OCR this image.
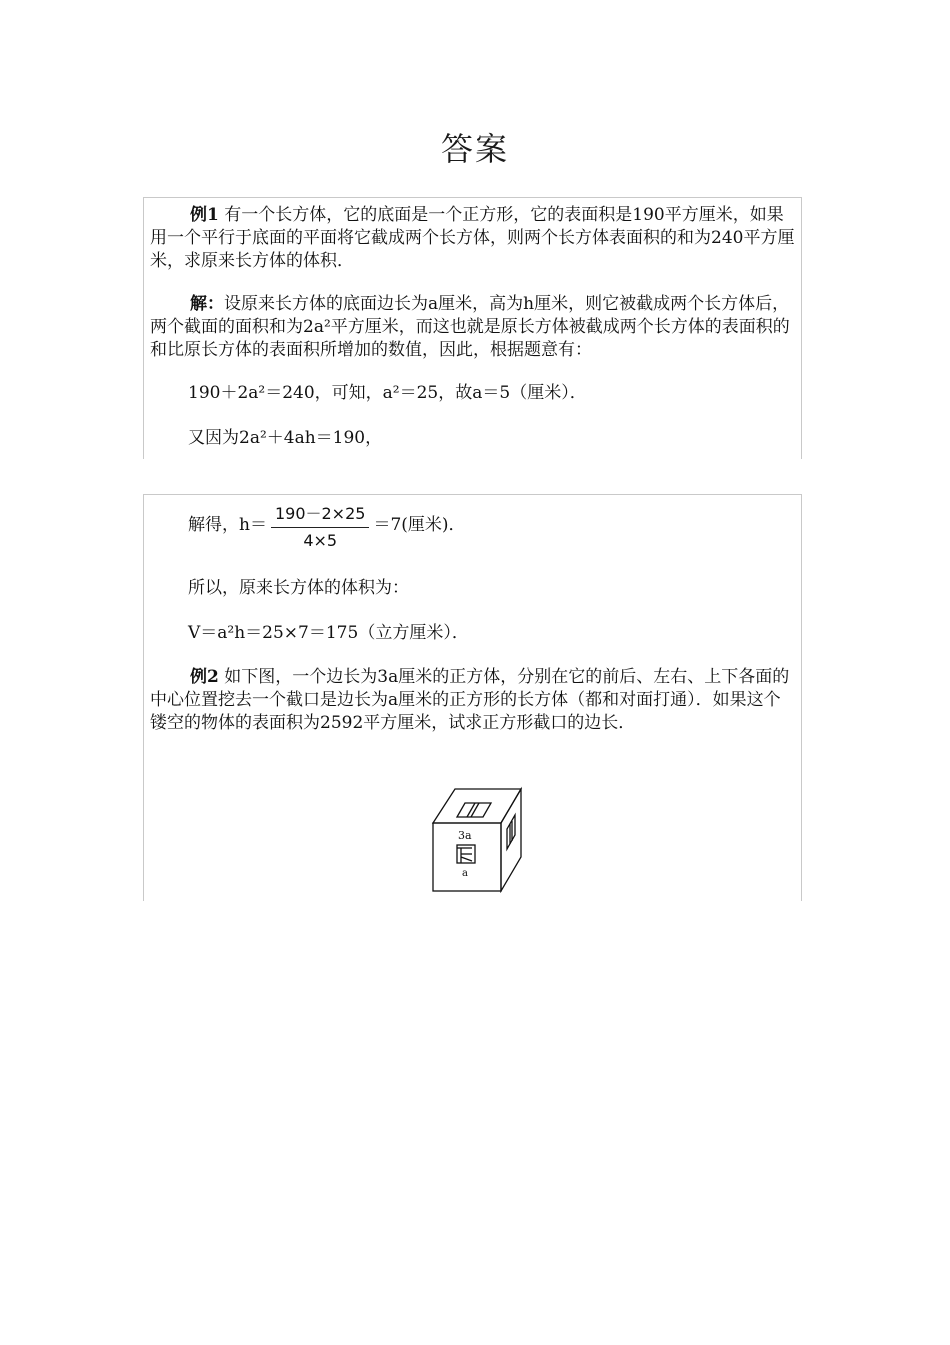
答案
例1 有一个长方体，它的底面是一个正方形，它的表面积是190平方厘米，如果用一个平行于底面的平面将它截成两个长方体，则两个长方体表面积的和为240平方厘米，求原来长方体的体积．
解：设原来长方体的底面边长为a厘米，高为h厘米，则它被截成两个长方体后，两个截面的面积和为2a²平方厘米，而这也就是原长方体被截成两个长方体的表面积的和比原长方体的表面积所增加的数值，因此，根据题意有：
190＋2a²＝240，可知，a²＝25，故a＝5（厘米）．
又因为2a²＋4ah＝190，
解得，$h= \frac{190-2\times 25}{4\times 5} =7$(厘米)．
所以，原来长方体的体积为：
V＝a²h＝25×7＝175（立方厘米）．
例2 如下图，一个边长为3a厘米的正方体，分别在它的前后、左右、上下各面的中心位置挖去一个截口是边长为a厘米的正方形的长方体（都和对面打通）．如果这个镂空的物体的表面积为2592平方厘米，试求正方形截口的边长．
3a
a
